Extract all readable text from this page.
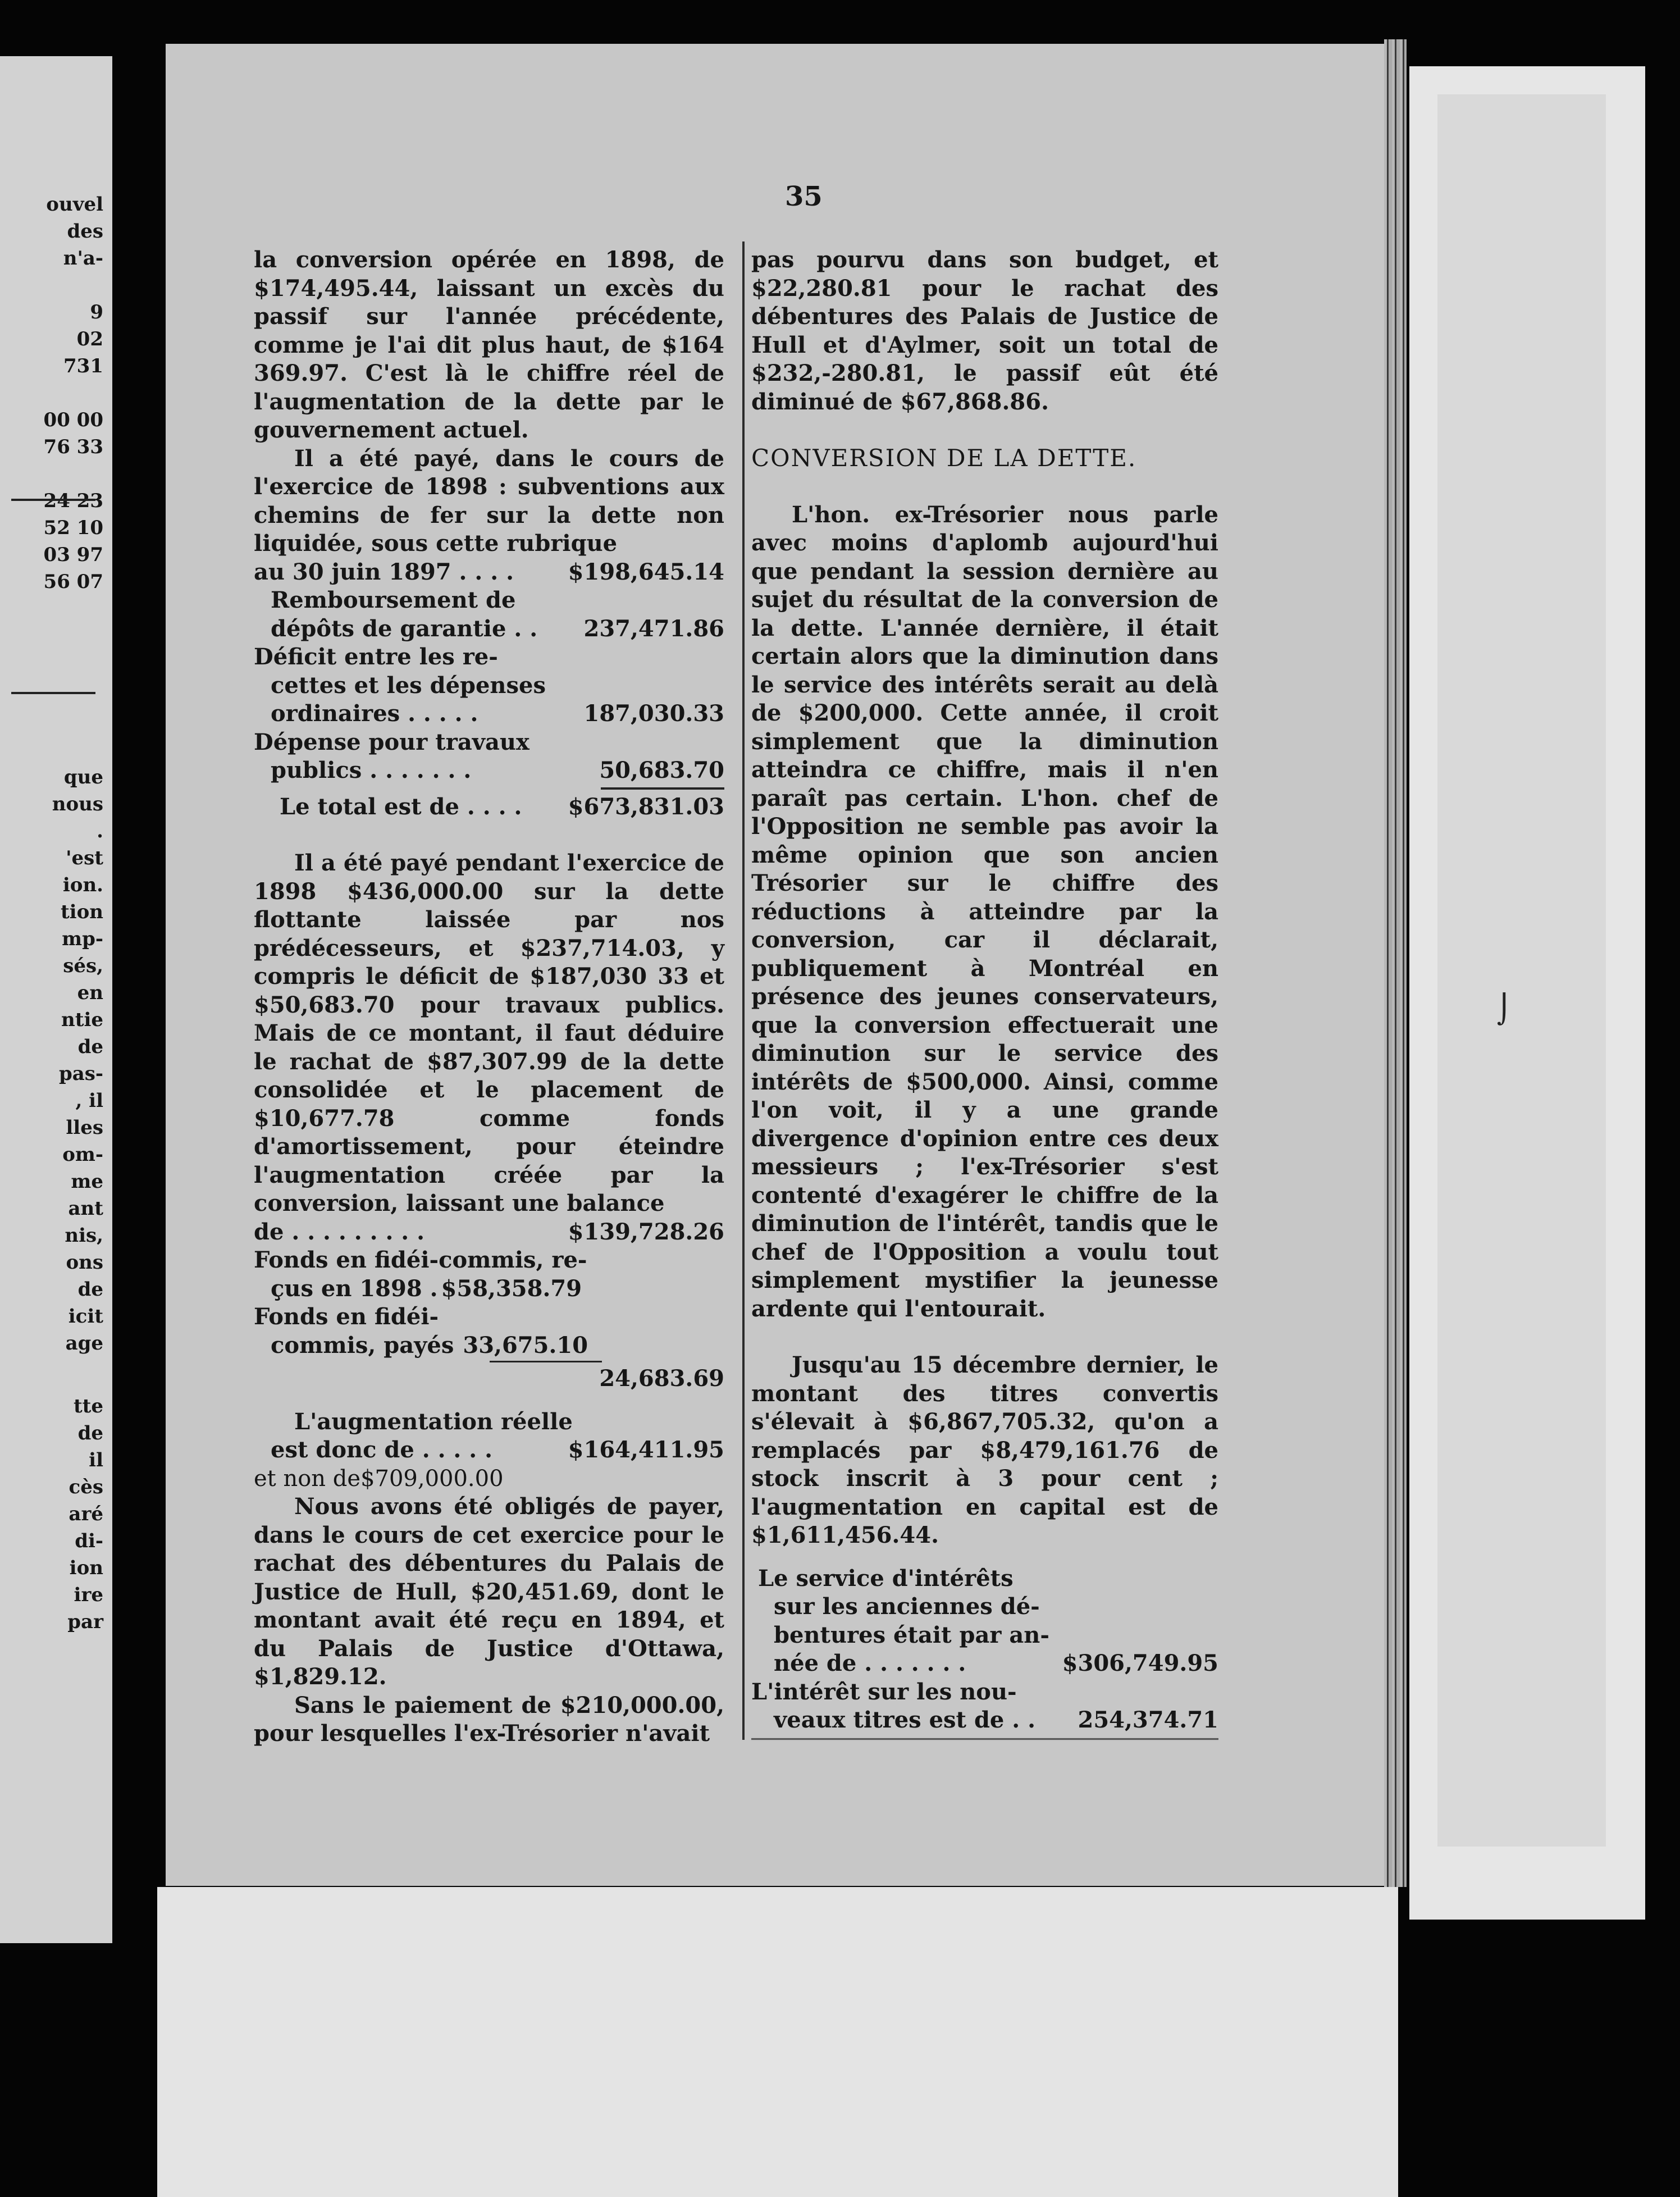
ouvel
des
n'a-

9
02
731

00 00
76 33

24 23
52 10
03 97
56 07
que
nous
.
'est
ion.
tion
mp-
sés,
en
ntie
de
pas-
, il
lles
om-
me
ant
nis,
ons
de
icit
age
tte
de
il
cès
aré
di-
ion
ire
par
⌡
35

la conversion opérée en 1898, de $174,495.44, laissant un excès du passif sur l'année précédente, comme je l'ai dit plus haut, de $164 369.97. C'est là le chiffre réel de l'augmentation de la dette par le gouvernement actuel.

Il a été payé, dans le cours de l'exercice de 1898 : subventions aux chemins de fer sur la dette non liquidée, sous cette rubrique

au 30 juin 1897 . . . . $198,645.14

Remboursement de

dépôts de garantie . . 237,471.86

Déficit entre les re-

cettes et les dépenses

ordinaires . . . . .	187,030.33

Dépense pour travaux

publics . . . . . . .	50,683.70
Le total est de . . . . $673,831.03

Il a été payé pendant l'exercice de 1898 $436,000.00 sur la dette flottante laissée par nos prédécesseurs, et $237,714.03, y compris le déficit de $187,030 33 et $50,683.70 pour travaux publics. Mais de ce montant, il faut déduire le rachat de $87,307.99 de la dette consolidée et le placement de $10,677.78 comme fonds d'amortissement, pour éteindre l'augmentation créée par la conversion, laissant une balance

de . . . . . . . . .	$139,728.26

Fonds en fidéi-commis, re-

çus en 1898 . $58,358.79

Fonds en fidéi-

commis, payés 33,675.10
24,683.69

L'augmentation réelle

est donc de . . . . .	$164,411.95
et non de $709,000.00

Nous avons été obligés de payer, dans le cours de cet exercice pour le rachat des débentures du Palais de Justice de Hull, $20,451.69, dont le montant avait été reçu en 1894, et du Palais de Justice d'Ottawa, $1,829.12.

Sans le paiement de $210,000.00, pour lesquelles l'ex-Trésorier n'avait

pas pourvu dans son budget, et $22,280.81 pour le rachat des débentures des Palais de Justice de Hull et d'Aylmer, soit un total de $232,-280.81, le passif eût été diminué de $67,868.86.

CONVERSION DE LA DETTE.

L'hon. ex-Trésorier nous parle avec moins d'aplomb aujourd'hui que pendant la session dernière au sujet du résultat de la conversion de la dette. L'année dernière, il était certain alors que la diminution dans le service des intérêts serait au delà de $200,000. Cette année, il croit simplement que la diminution atteindra ce chiffre, mais il n'en paraît pas certain. L'hon. chef de l'Opposition ne semble pas avoir la même opinion que son ancien Trésorier sur le chiffre des réductions à atteindre par la conversion, car il déclarait, publiquement à Montréal en présence des jeunes conservateurs, que la conversion effectuerait une diminution sur le service des intérêts de $500,000. Ainsi, comme l'on voit, il y a une grande divergence d'opinion entre ces deux messieurs ; l'ex-Trésorier s'est contenté d'exagérer le chiffre de la diminution de l'intérêt, tandis que le chef de l'Opposition a voulu tout simplement mystifier la jeunesse ardente qui l'entourait.

Jusqu'au 15 décembre dernier, le montant des titres convertis s'élevait à $6,867,705.32, qu'on a remplacés par $8,479,161.76 de stock inscrit à 3 pour cent ; l'augmentation en capital est de $1,611,456.44.

Le service d'intérêts

sur les anciennes dé-

bentures était par an-

née de . . . . . . .	$306,749.95

L'intérêt sur les nou-

veaux titres est de . . 254,374.71
